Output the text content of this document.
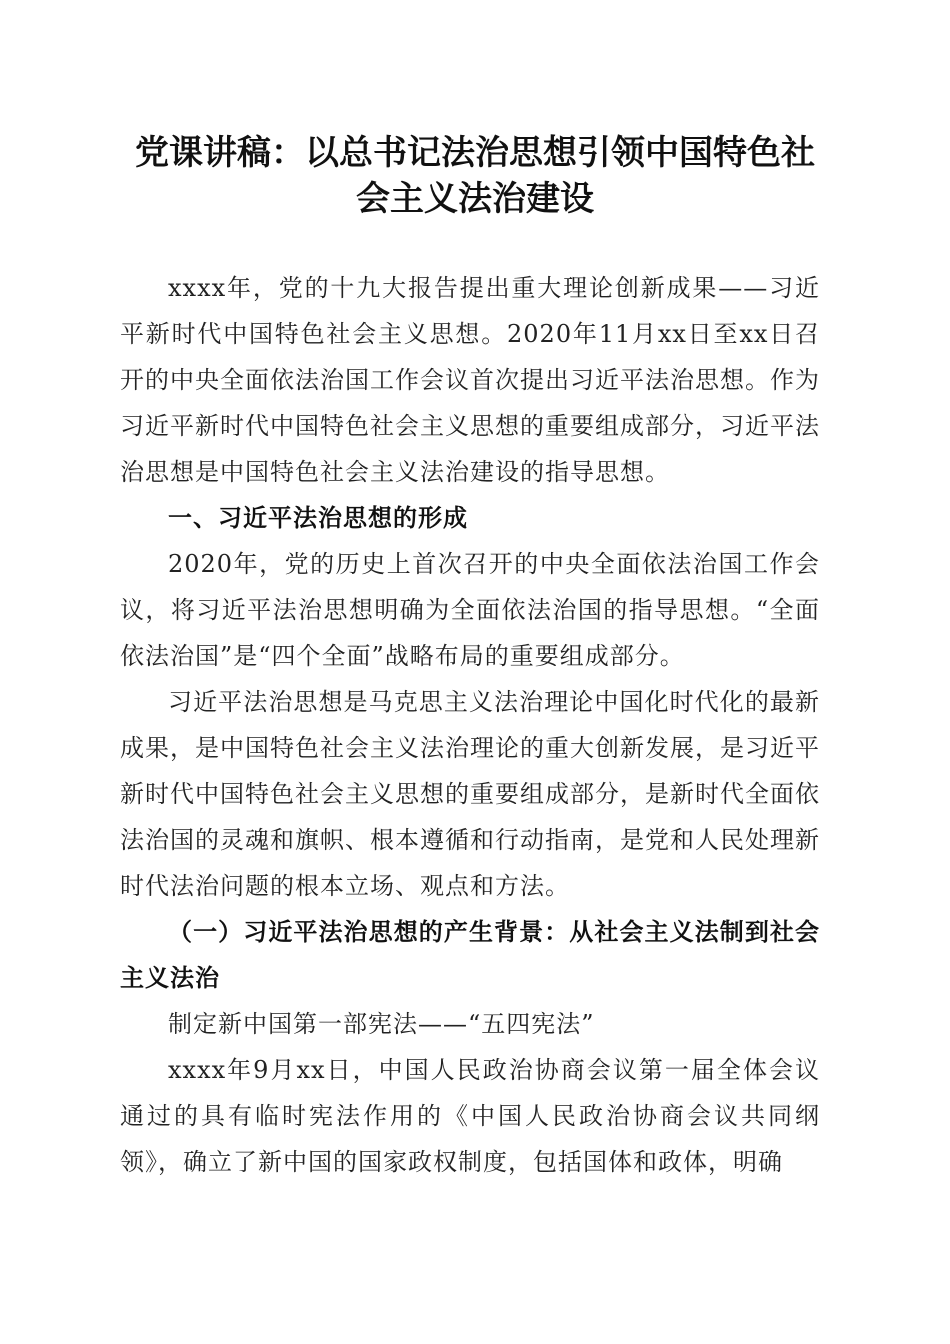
党课讲稿：以总书记法治思想引领中国特色社
会主义法治建设

xxxx年，党的十九大报告提出重大理论创新成果——习近平新时代中国特色社会主义思想。2020年11月xx日至xx日召开的中央全面依法治国工作会议首次提出习近平法治思想。作为习近平新时代中国特色社会主义思想的重要组成部分，习近平法治思想是中国特色社会主义法治建设的指导思想。

一、习近平法治思想的形成

2020年，党的历史上首次召开的中央全面依法治国工作会议，将习近平法治思想明确为全面依法治国的指导思想。“全面依法治国”是“四个全面”战略布局的重要组成部分。

习近平法治思想是马克思主义法治理论中国化时代化的最新成果，是中国特色社会主义法治理论的重大创新发展，是习近平新时代中国特色社会主义思想的重要组成部分，是新时代全面依法治国的灵魂和旗帜、根本遵循和行动指南，是党和人民处理新时代法治问题的根本立场、观点和方法。

（一）习近平法治思想的产生背景：从社会主义法制到社会主义法治

制定新中国第一部宪法——“五四宪法”

xxxx年9月xx日，中国人民政治协商会议第一届全体会议通过的具有临时宪法作用的《中国人民政治协商会议共同纲领》，确立了新中国的国家政权制度，包括国体和政体，明确
